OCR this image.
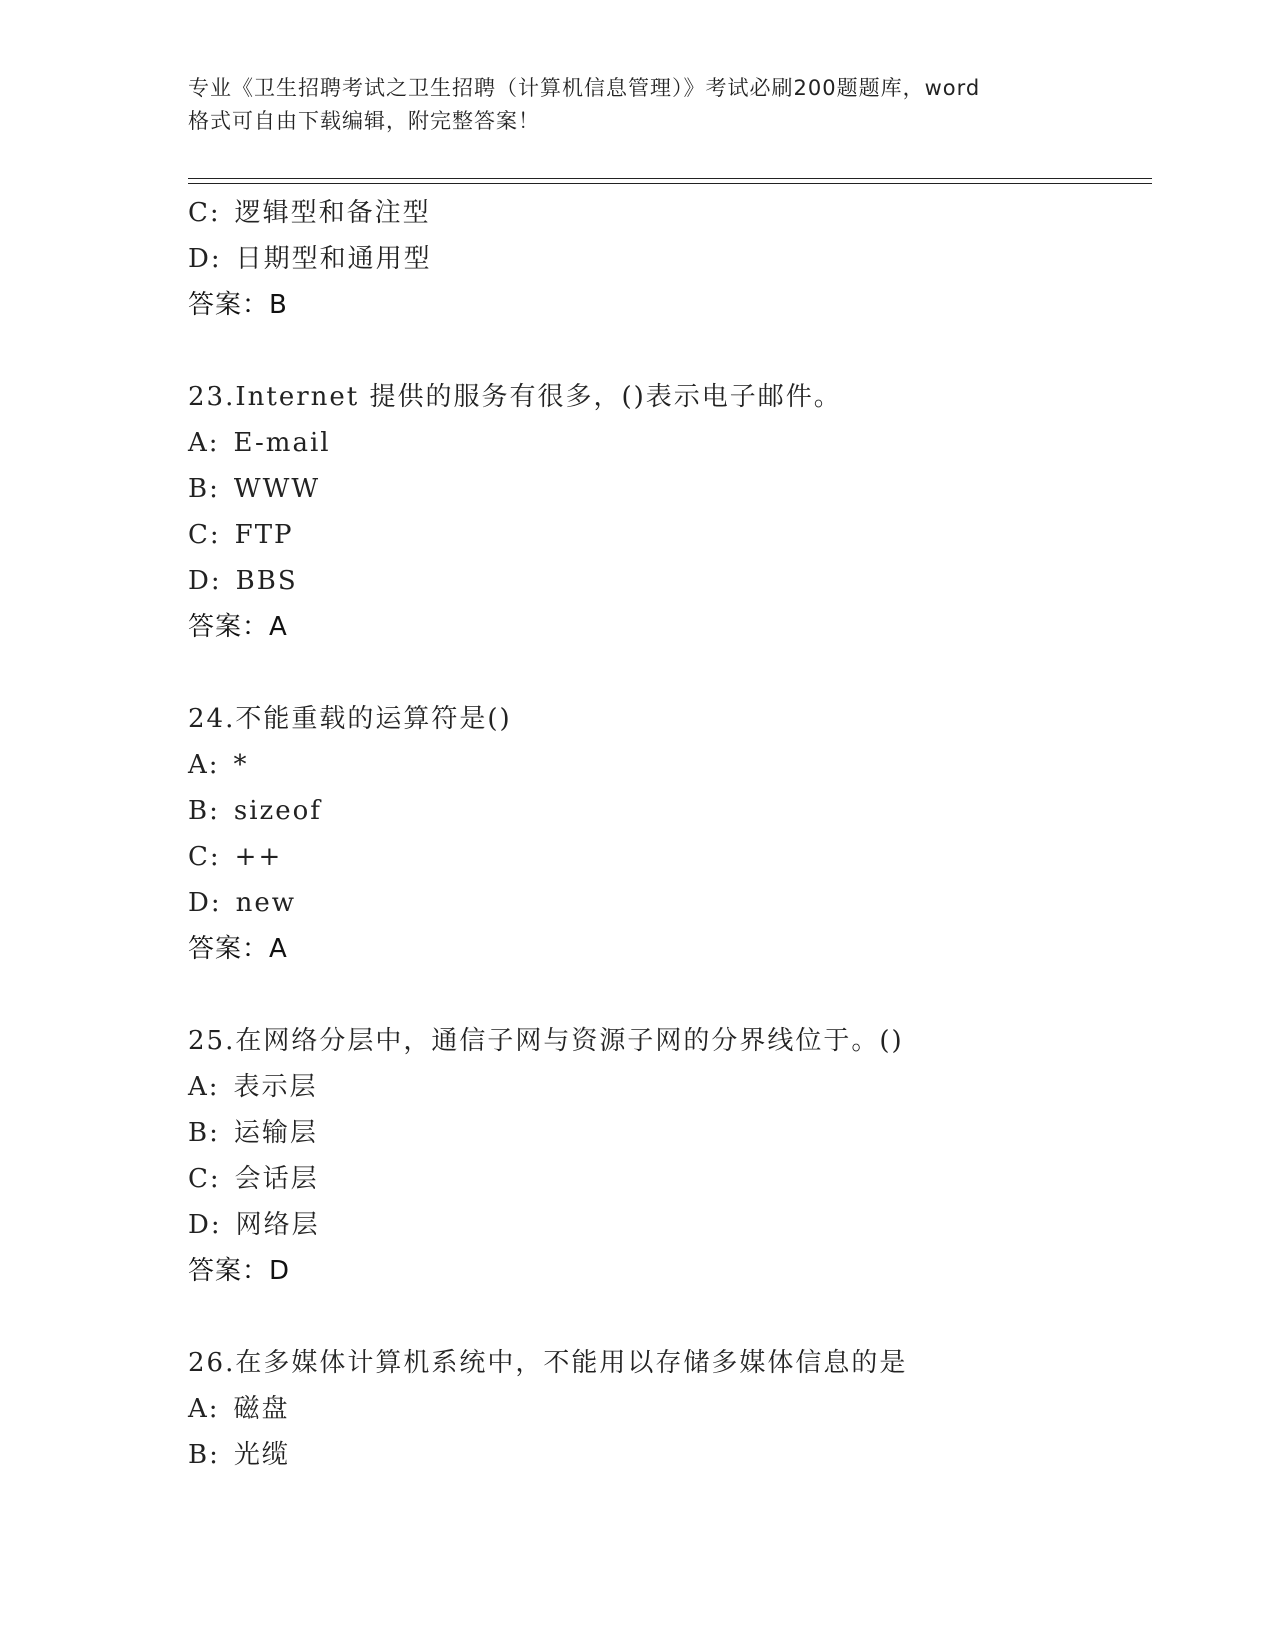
专业《卫生招聘考试之卫生招聘（计算机信息管理）》考试必刷200题题库，word
格式可自由下载编辑，附完整答案！
C: 逻辑型和备注型
D: 日期型和通用型
答案：B
23.Internet 提供的服务有很多，()表示电子邮件。
A: E-mail
B: WWW
C: FTP
D: BBS
答案：A
24.不能重载的运算符是()
A: *
B: sizeof
C: ++
D: new
答案：A
25.在网络分层中，通信子网与资源子网的分界线位于。()
A: 表示层
B: 运输层
C: 会话层
D: 网络层
答案：D
26.在多媒体计算机系统中，不能用以存储多媒体信息的是
A: 磁盘
B: 光缆
